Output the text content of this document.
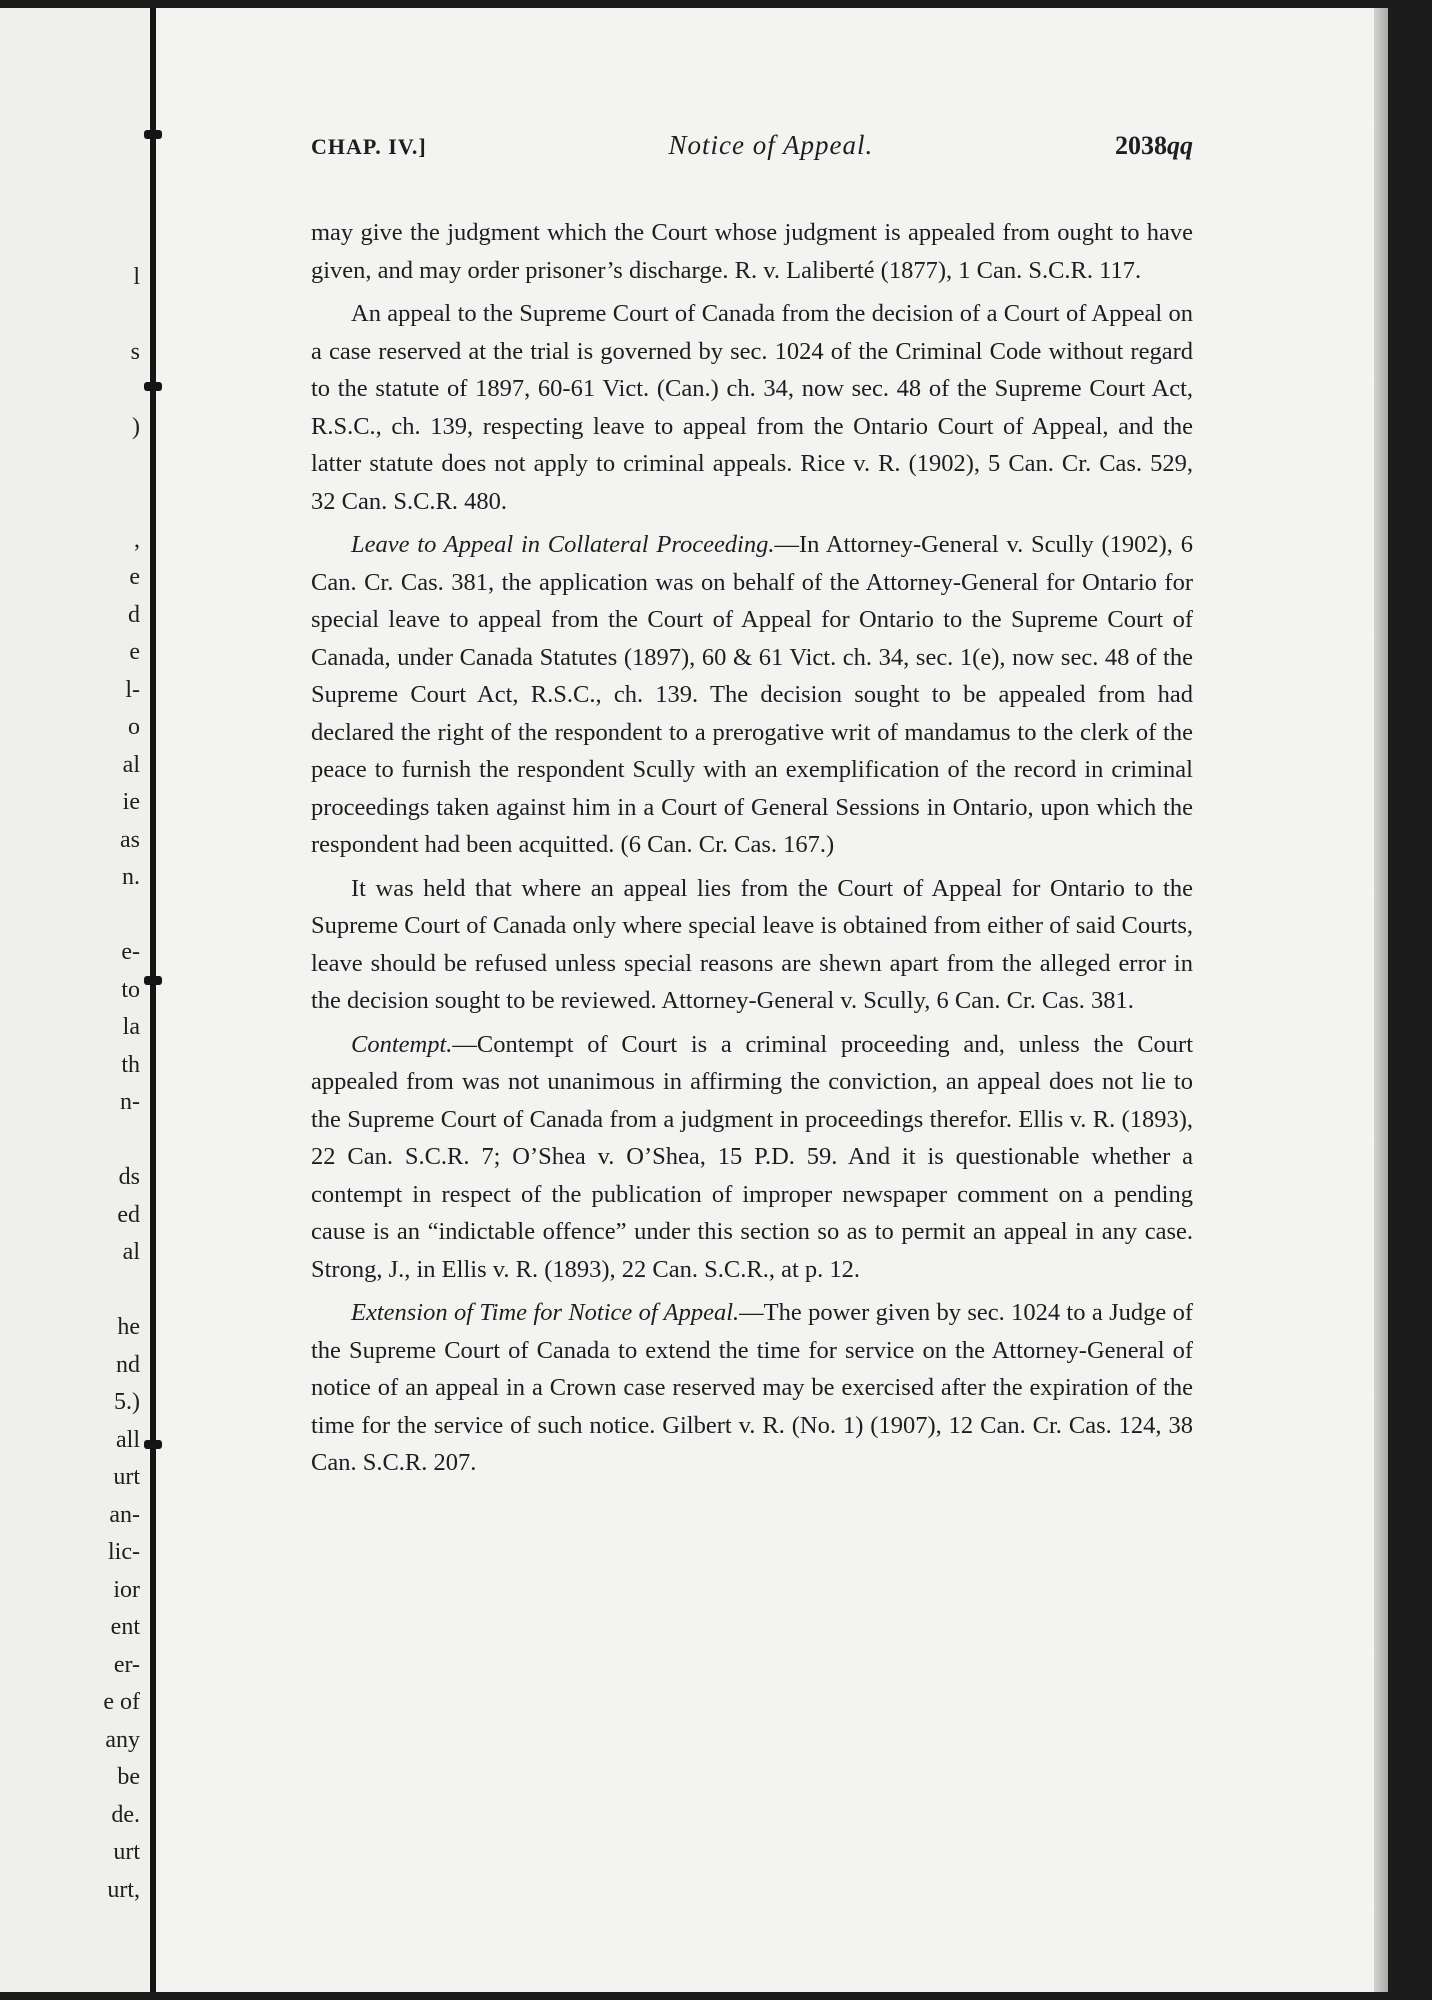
l
s
)
,
e
d
e
l-
o
al
ie
as
n.
e-
to
la
th
n-
ds
ed
al
he
nd
5.)
all
urt
an-
lic-
ior
ent
er-
e of
any
be
de.
urt
urt,
CHAP. IV.]	Notice of Appeal.	2038qq

may give the judgment which the Court whose judgment is appealed from ought to have given, and may order prisoner’s discharge. R. v. Laliberté (1877), 1 Can. S.C.R. 117.

An appeal to the Supreme Court of Canada from the decision of a Court of Appeal on a case reserved at the trial is governed by sec. 1024 of the Criminal Code without regard to the statute of 1897, 60-61 Vict. (Can.) ch. 34, now sec. 48 of the Supreme Court Act, R.S.C., ch. 139, respecting leave to appeal from the Ontario Court of Appeal, and the latter statute does not apply to criminal appeals. Rice v. R. (1902), 5 Can. Cr. Cas. 529, 32 Can. S.C.R. 480.

Leave to Appeal in Collateral Proceeding.—In Attorney-General v. Scully (1902), 6 Can. Cr. Cas. 381, the application was on behalf of the Attorney-General for Ontario for special leave to appeal from the Court of Appeal for Ontario to the Supreme Court of Canada, under Canada Statutes (1897), 60 & 61 Vict. ch. 34, sec. 1(e), now sec. 48 of the Supreme Court Act, R.S.C., ch. 139. The decision sought to be appealed from had declared the right of the respondent to a prerogative writ of mandamus to the clerk of the peace to furnish the respondent Scully with an exemplification of the record in criminal proceedings taken against him in a Court of General Sessions in Ontario, upon which the respondent had been acquitted. (6 Can. Cr. Cas. 167.)

It was held that where an appeal lies from the Court of Appeal for Ontario to the Supreme Court of Canada only where special leave is obtained from either of said Courts, leave should be refused unless special reasons are shewn apart from the alleged error in the decision sought to be reviewed. Attorney-General v. Scully, 6 Can. Cr. Cas. 381.

Contempt.—Contempt of Court is a criminal proceeding and, unless the Court appealed from was not unanimous in affirming the conviction, an appeal does not lie to the Supreme Court of Canada from a judgment in proceedings therefor. Ellis v. R. (1893), 22 Can. S.C.R. 7; O’Shea v. O’Shea, 15 P.D. 59. And it is questionable whether a contempt in respect of the publication of improper newspaper comment on a pending cause is an “indictable offence” under this section so as to permit an appeal in any case. Strong, J., in Ellis v. R. (1893), 22 Can. S.C.R., at p. 12.

Extension of Time for Notice of Appeal.—The power given by sec. 1024 to a Judge of the Supreme Court of Canada to extend the time for service on the Attorney-General of notice of an appeal in a Crown case reserved may be exercised after the expiration of the time for the service of such notice. Gilbert v. R. (No. 1) (1907), 12 Can. Cr. Cas. 124, 38 Can. S.C.R. 207.
